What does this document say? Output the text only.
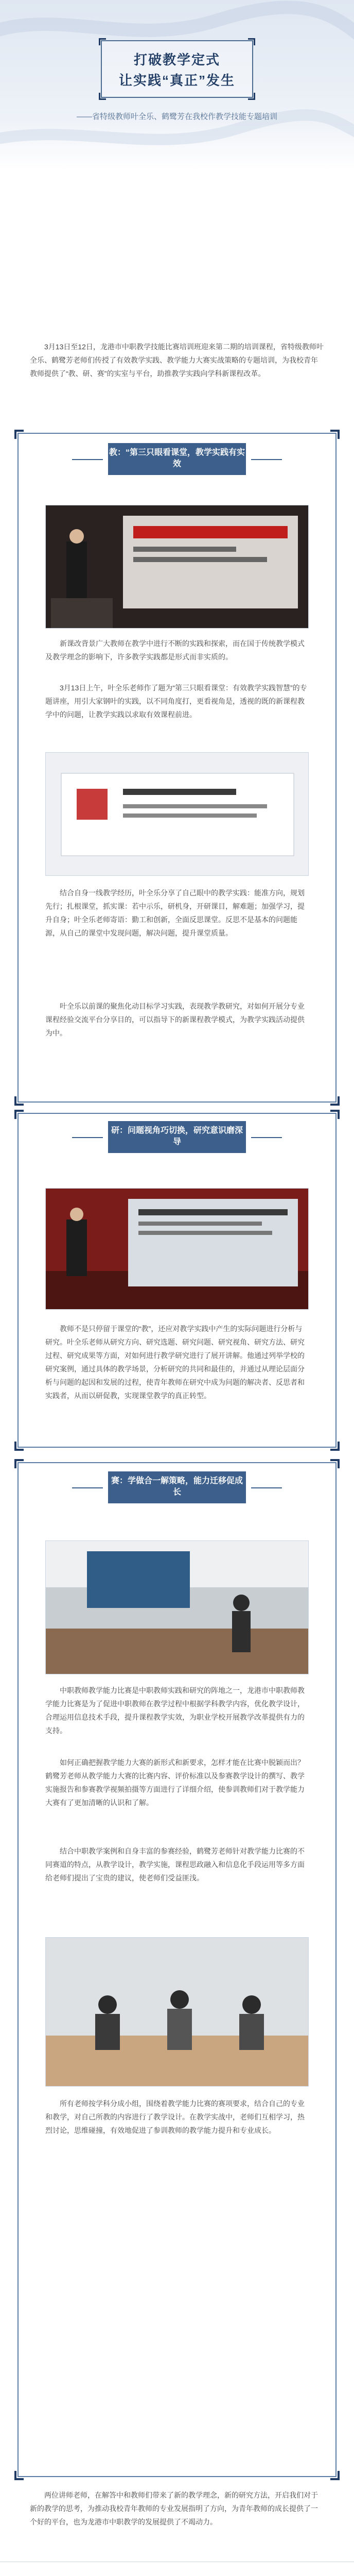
打破教学定式
让实践“真正”发生
——省特级教师叶全乐、鹤鹭芳在我校作教学技能专题培训

3月13日至12日，龙港市中职教学技能比赛培训班迎来第二期的培训课程，省特级教师叶全乐、鹤鹭芳老师们传授了有效教学实践、教学能力大赛实战策略的专题培训，为我校青年教师提供了“教、研、赛”的实室与平台，助推教学实践向学科新课程改革。

教：“第三只眼看课堂，教学实践有实效

新课改背景广大教师在教学中进行不断的实践和探索，而在国于传统教学模式及教学理念的影响下，许多教学实践都是形式而非实质的。

3月13日上午，叶全乐老师作了题为“第三只眼看课堂：有效教学实践智慧”的专题讲座，用引大家钢叶的实践，以不同角度打，更看视角是，透视的既的新课程教学中的问题，让教学实践以求取有效课程前进。

结合自身一线教学经历，叶全乐分享了自己眼中的教学实践：能准方向，规划先行；扎根课堂，抓实课：若中示乐，研机身，开研课目，解难题；加强学习，提升自身；叶全乐老师寄语：勤工和创新，全面反思课堂。反思不是基本的问题能源，从自己的课堂中发现问题，解决问题，提升课堂质量。

叶全乐以前课的聚焦化动目标学习实践，表现教学教研究，对如何开展分专业课程经验交流平台分享目的，可以指导下的新课程教学模式，为教学实践活动提供为中。

研：问题视角巧切换，研究意识磨深导

教师不是只停留于课堂的“教”，还应对教学实践中产生的实际问题进行分析与研究。叶全乐老师从研究方向、研究选题、研究问题、研究视角、研究方法、研究过程、研究成果等方面，对如何进行教学研究进行了展开讲解。他通过列举学校的研究案例，通过具体的教学场景，分析研究的共同和最佳的，并通过从理论层面分析与问题的起因和发展的过程，使青年教师在研究中成为问题的解决者、反思者和实践者，从而以研促教，实现课堂教学的真正转型。

赛：学做合一解策略，能力迁移促成长

中职教师教学能力比赛是中职教师实践和研究的阵地之一，龙港市中职教师教学能力比赛是为了促进中职教师在教学过程中根据学科教学内容，优化教学设计，合理运用信息技术手段，提升课程教学实效，为职业学校开展教学改革提供有力的支持。

如何正确把握教学能力大赛的新形式和新要求，怎样才能在比赛中脱颖而出？鹤鹭芳老师从教学能力大赛的比赛内容、评价标准以及参赛教学设计的撰写、教学实施报告和参赛教学视频拍摄等方面进行了详细介绍，使参训教师们对于教学能力大赛有了更加清晰的认识和了解。

结合中职教学案例和自身丰富的参赛经验，鹤鹭芳老师针对教学能力比赛的不同赛道的特点，从教学设计，教学实施，课程思政融入和信息化手段运用等多方面给老师们提出了宝贵的建议，使老师们受益匪浅。

所有老师按学科分成小组，围绕着教学能力比赛的赛项要求，结合自己的专业和教学，对自己所教的内容进行了教学设计。在教学实战中，老师们互相学习，热烈讨论，思维碰撞，有效地促进了参训教师的教学能力提升和专业成长。

两位讲师老师，在解答中和教师们带来了新的教学理念，新的研究方法，开启我们对于新的教学的思考，为推动我校青年教师的专业发展指明了方向，为青年教师的成长提供了一个好的平台，也为龙港市中职教学的发展提供了不竭动力。
